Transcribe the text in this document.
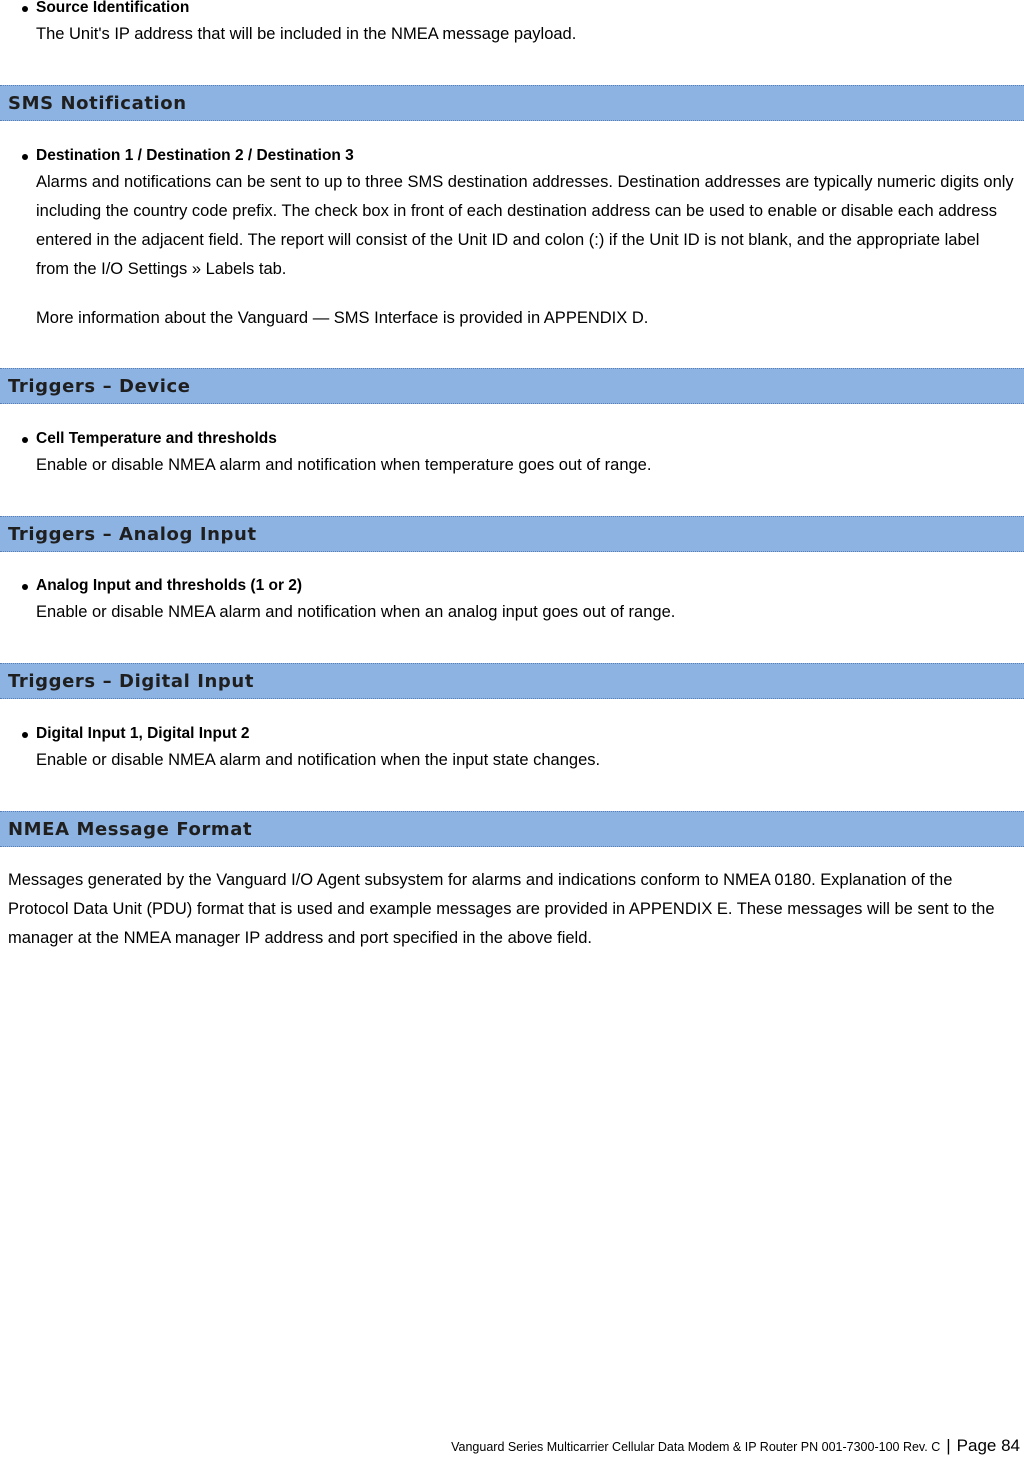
Source Identification
The Unit's IP address that will be included in the NMEA message payload.
SMS Notification
Destination 1 / Destination 2 / Destination 3
Alarms and notifications can be sent to up to three SMS destination addresses. Destination addresses are typically numeric digits only including the country code prefix. The check box in front of each destination address can be used to enable or disable each address entered in the adjacent field. The report will consist of the Unit ID and colon (:) if the Unit ID is not blank, and the appropriate label from the I/O Settings » Labels tab.
More information about the Vanguard — SMS Interface is provided in APPENDIX D.
Triggers – Device
Cell Temperature and thresholds
Enable or disable NMEA alarm and notification when temperature goes out of range.
Triggers – Analog Input
Analog Input and thresholds (1 or 2)
Enable or disable NMEA alarm and notification when an analog input goes out of range.
Triggers – Digital Input
Digital Input 1, Digital Input 2
Enable or disable NMEA alarm and notification when the input state changes.
NMEA Message Format
Messages generated by the Vanguard I/O Agent subsystem for alarms and indications conform to NMEA 0180. Explanation of the Protocol Data Unit (PDU) format that is used and example messages are provided in APPENDIX E. These messages will be sent to the manager at the NMEA manager IP address and port specified in the above field.
Vanguard Series Multicarrier Cellular Data Modem & IP Router PN 001-7300-100 Rev. C | Page 84
